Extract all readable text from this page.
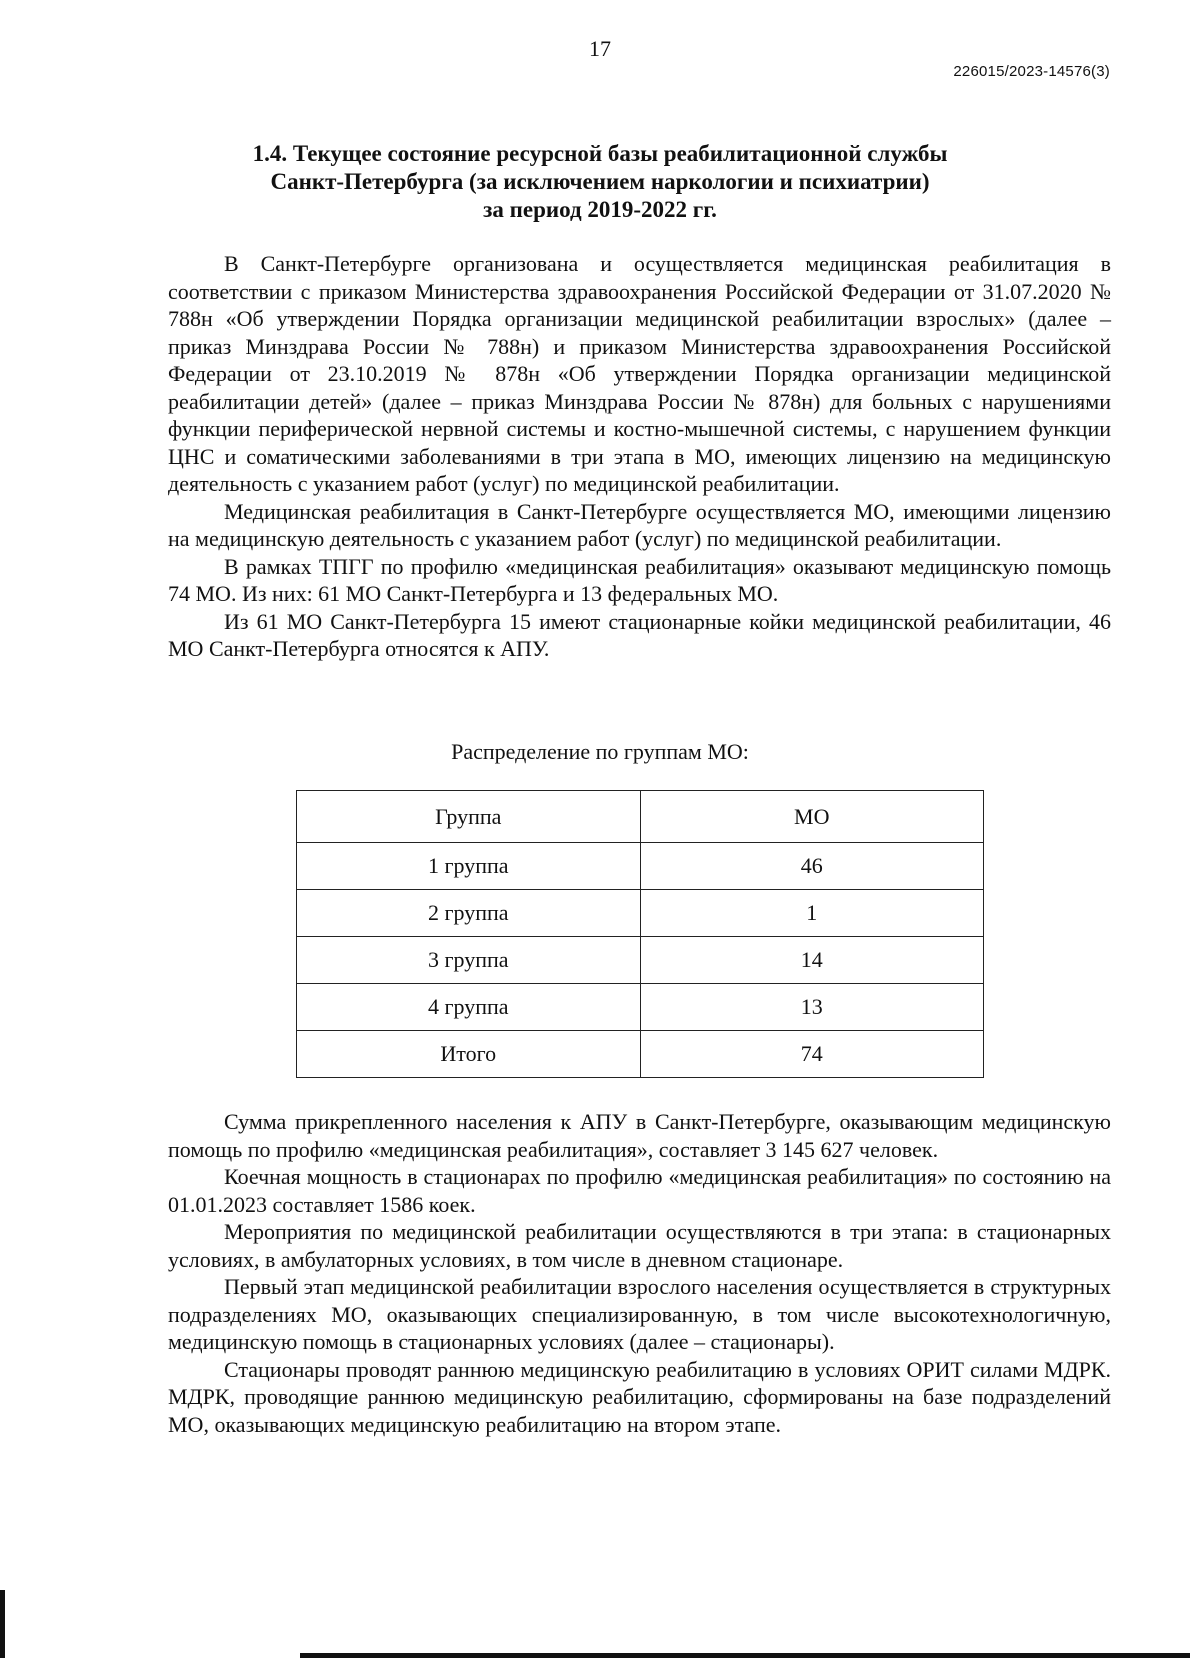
17
226015/2023-14576(3)
1.4. Текущее состояние ресурсной базы реабилитационной службы
Санкт-Петербурга (за исключением наркологии и психиатрии)
за период 2019-2022 гг.

В Санкт-Петербурге организована и осуществляется медицинская реабилитация в соответствии с приказом Министерства здравоохранения Российской Федерации от 31.07.2020 № 788н «Об утверждении Порядка организации медицинской реабилитации взрослых» (далее – приказ Минздрава России № 788н) и приказом Министерства здравоохранения Российской Федерации от 23.10.2019 № 878н «Об утверждении Порядка организации медицинской реабилитации детей» (далее – приказ Минздрава России № 878н) для больных с нарушениями функции периферической нервной системы и костно-мышечной системы, с нарушением функции ЦНС и соматическими заболеваниями в три этапа в МО, имеющих лицензию на медицинскую деятельность с указанием работ (услуг) по медицинской реабилитации.

Медицинская реабилитация в Санкт-Петербурге осуществляется МО, имеющими лицензию на медицинскую деятельность с указанием работ (услуг) по медицинской реабилитации.

В рамках ТПГГ по профилю «медицинская реабилитация» оказывают медицинскую помощь 74 МО. Из них: 61 МО Санкт-Петербурга и 13 федеральных МО.

Из 61 МО Санкт-Петербурга 15 имеют стационарные койки медицинской реабилитации, 46 МО Санкт-Петербурга относятся к АПУ.

Распределение по группам МО:
Группа	МО
1 группа	46
2 группа	1
3 группа	14
4 группа	13
Итого	74

Сумма прикрепленного населения к АПУ в Санкт-Петербурге, оказывающим медицинскую помощь по профилю «медицинская реабилитация», составляет 3 145 627 человек.

Коечная мощность в стационарах по профилю «медицинская реабилитация» по состоянию на 01.01.2023 составляет 1586 коек.

Мероприятия по медицинской реабилитации осуществляются в три этапа: в стационарных условиях, в амбулаторных условиях, в том числе в дневном стационаре.

Первый этап медицинской реабилитации взрослого населения осуществляется в структурных подразделениях МО, оказывающих специализированную, в том числе высокотехнологичную, медицинскую помощь в стационарных условиях (далее – стационары).

Стационары проводят раннюю медицинскую реабилитацию в условиях ОРИТ силами МДРК. МДРК, проводящие раннюю медицинскую реабилитацию, сформированы на базе подразделений МО, оказывающих медицинскую реабилитацию на втором этапе.
